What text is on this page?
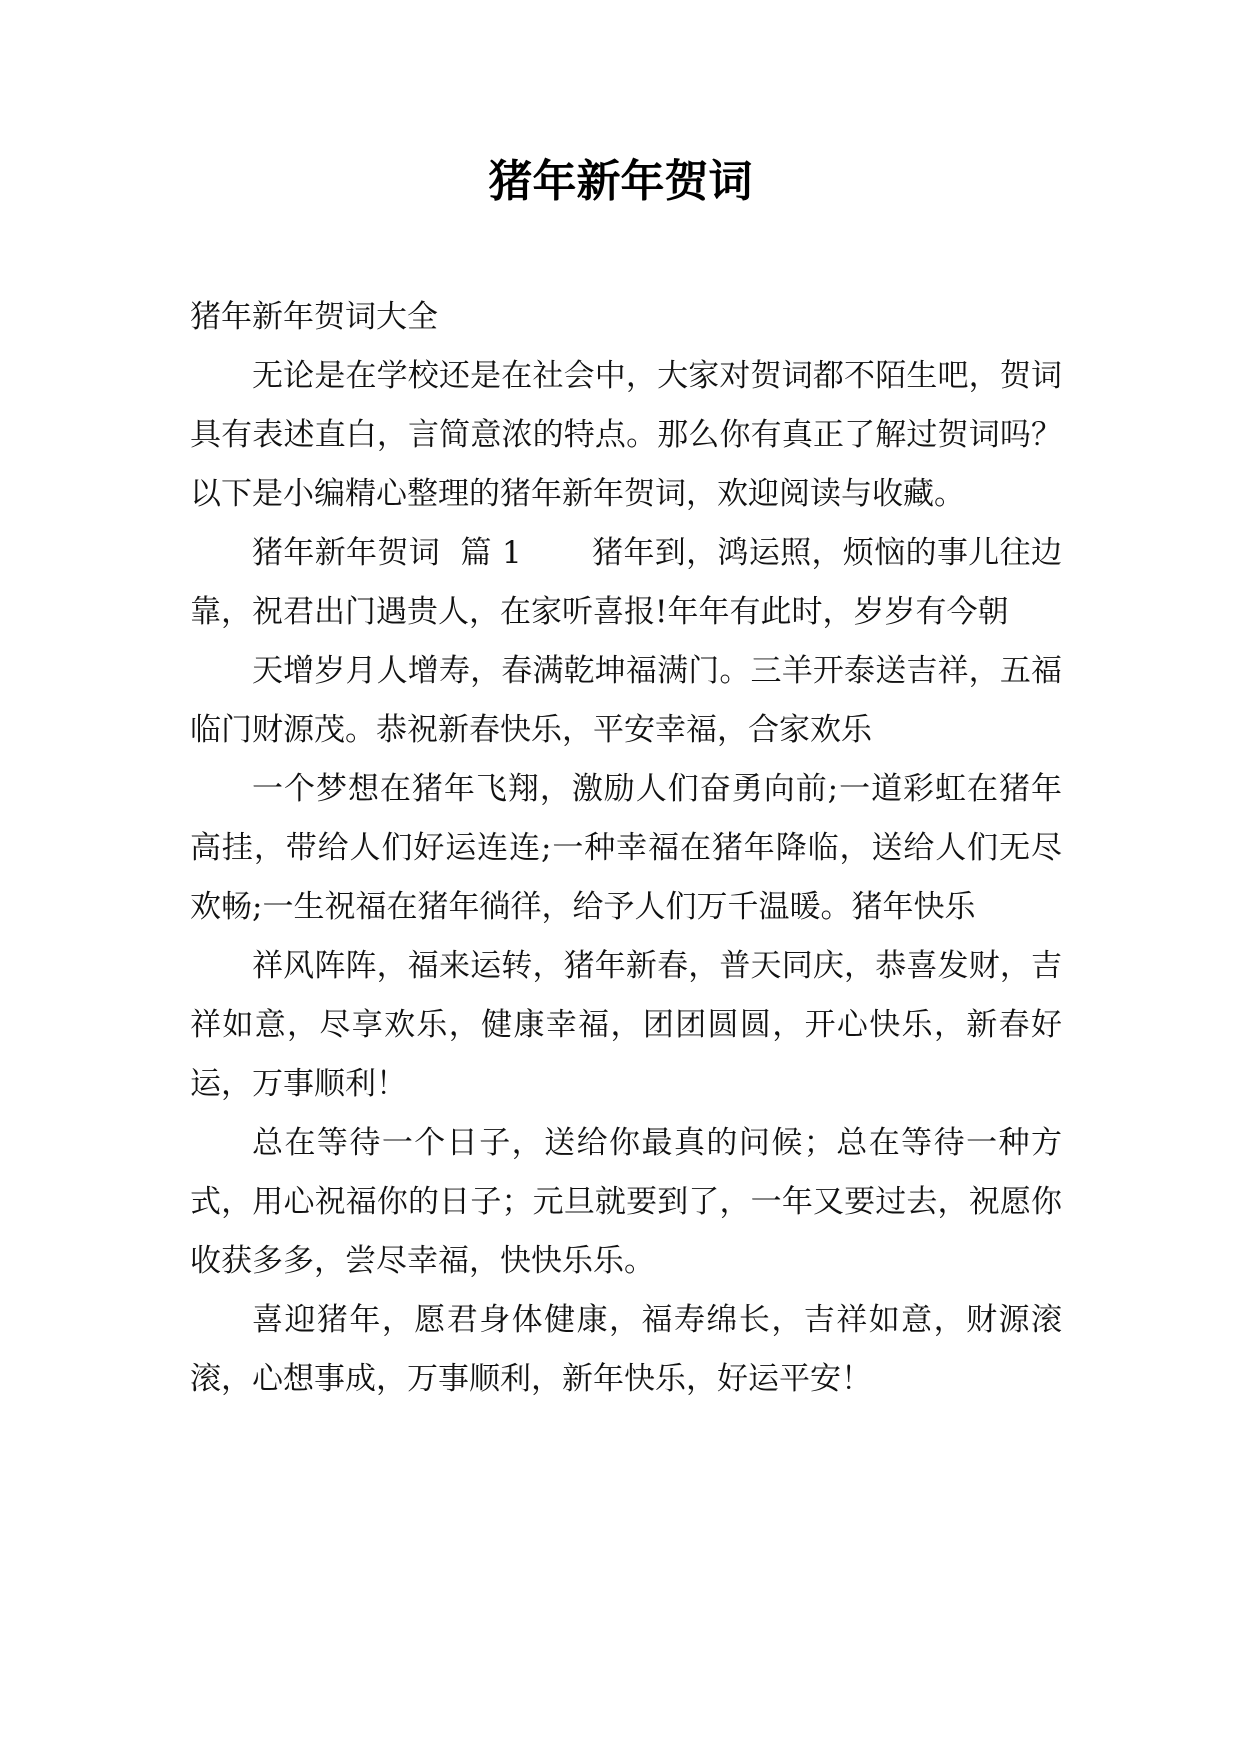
猪年新年贺词

猪年新年贺词大全

无论是在学校还是在社会中，大家对贺词都不陌生吧，贺词具有表述直白，言简意浓的特点。那么你有真正了解过贺词吗？以下是小编精心整理的猪年新年贺词，欢迎阅读与收藏。

猪年新年贺词  篇 1 猪年到，鸿运照，烦恼的事儿往边靠，祝君出门遇贵人，在家听喜报!年年有此时，岁岁有今朝

天增岁月人增寿，春满乾坤福满门。三羊开泰送吉祥，五福临门财源茂。恭祝新春快乐，平安幸福，合家欢乐

一个梦想在猪年飞翔，激励人们奋勇向前;一道彩虹在猪年高挂，带给人们好运连连;一种幸福在猪年降临，送给人们无尽欢畅;一生祝福在猪年徜徉，给予人们万千温暖。猪年快乐

祥风阵阵，福来运转，猪年新春，普天同庆，恭喜发财，吉祥如意，尽享欢乐，健康幸福，团团圆圆，开心快乐，新春好运，万事顺利！

总在等待一个日子，送给你最真的问候；总在等待一种方式，用心祝福你的日子；元旦就要到了，一年又要过去，祝愿你收获多多，尝尽幸福，快快乐乐。

喜迎猪年，愿君身体健康，福寿绵长，吉祥如意，财源滚滚，心想事成，万事顺利，新年快乐，好运平安！
